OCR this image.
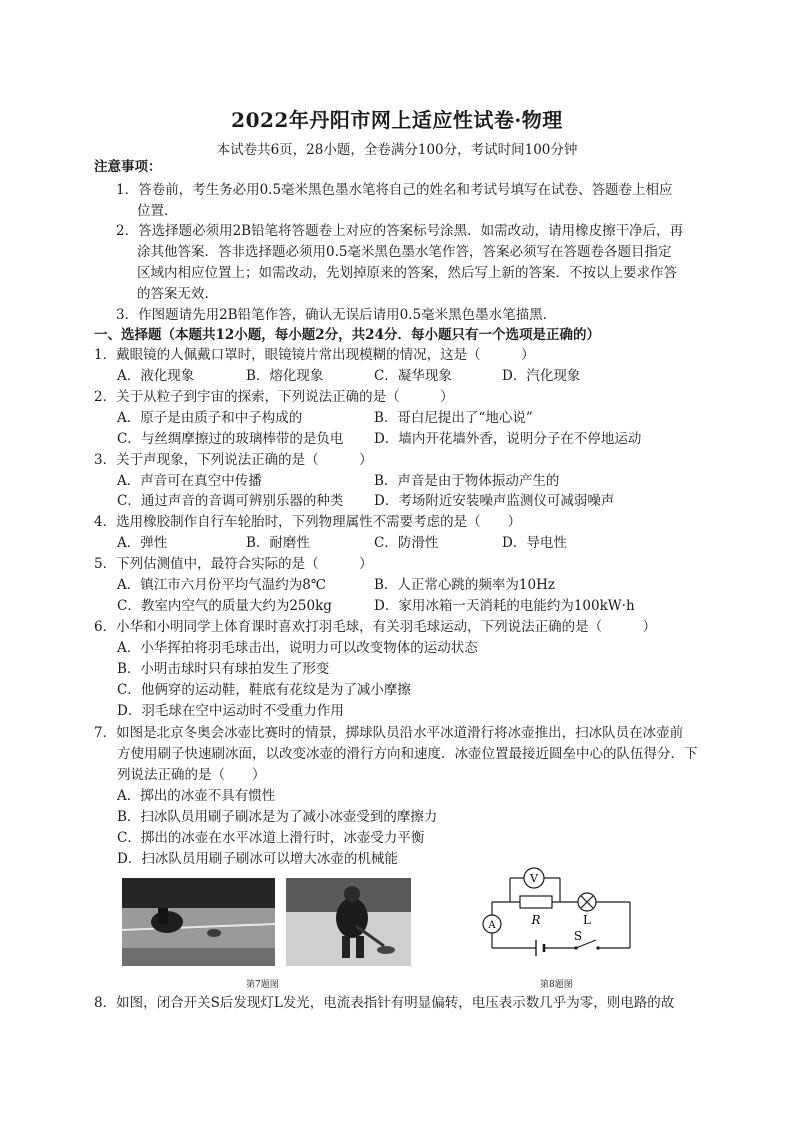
2022年丹阳市网上适应性试卷·物理
本试卷共6页，28小题，全卷满分100分，考试时间100分钟
注意事项：
1．答卷前，考生务必用0.5毫米黑色墨水笔将自己的姓名和考试号填写在试卷、答题卷上相应
位置.
2．答选择题必须用2B铅笔将答题卷上对应的答案标号涂黑．如需改动，请用橡皮擦干净后，再
涂其他答案．答非选择题必须用0.5毫米黑色墨水笔作答，答案必须写在答题卷各题目指定
区域内相应位置上；如需改动，先划掉原来的答案，然后写上新的答案．不按以上要求作答
的答案无效.
3．作图题请先用2B铅笔作答，确认无误后请用0.5毫米黑色墨水笔描黑.
一、选择题（本题共12小题，每小题2分，共24分．每小题只有一个选项是正确的）
1．戴眼镜的人佩戴口罩时，眼镜镜片常出现模糊的情况，这是（　　　）
A．液化现象	B．熔化现象	C．凝华现象	D．汽化现象
2．关于从粒子到宇宙的探索，下列说法正确的是（　　　）
A．原子是由质子和中子构成的	B．哥白尼提出了“地心说”
C．与丝绸摩擦过的玻璃棒带的是负电 D．墙内开花墙外香，说明分子在不停地运动
3．关于声现象，下列说法正确的是（　　　）
A．声音可在真空中传播	B．声音是由于物体振动产生的
C．通过声音的音调可辨别乐器的种类 D．考场附近安装噪声监测仪可减弱噪声
4．选用橡胶制作自行车轮胎时，下列物理属性不需要考虑的是（　　）
A．弹性	B．耐磨性	C．防滑性	D．导电性
5．下列估测值中，最符合实际的是（　　　）
A．镇江市六月份平均气温约为8℃	B．人正常心跳的频率为10Hz
C．教室内空气的质量大约为250kg	D．家用冰箱一天消耗的电能约为100kW·h
6．小华和小明同学上体育课时喜欢打羽毛球，有关羽毛球运动，下列说法正确的是（　　　）
A．小华挥拍将羽毛球击出，说明力可以改变物体的运动状态
B．小明击球时只有球拍发生了形变
C．他俩穿的运动鞋，鞋底有花纹是为了减小摩擦
D．羽毛球在空中运动时不受重力作用
7．如图是北京冬奥会冰壶比赛时的情景，掷球队员沿水平冰道滑行将冰壶推出，扫冰队员在冰壶前
方使用刷子快速刷冰面，以改变冰壶的滑行方向和速度．冰壶位置最接近圆垒中心的队伍得分．下
列说法正确的是（　　）
A．掷出的冰壶不具有惯性
B．扫冰队员用刷子刷冰是为了减小冰壶受到的摩擦力
C．掷出的冰壶在水平冰道上滑行时，冰壶受力平衡
D．扫冰队员用刷子刷冰可以增大冰壶的机械能
第7题图
V
A	R	L
S
第8题图
8．如图，闭合开关S后发现灯L发光，电流表指针有明显偏转，电压表示数几乎为零，则电路的故
